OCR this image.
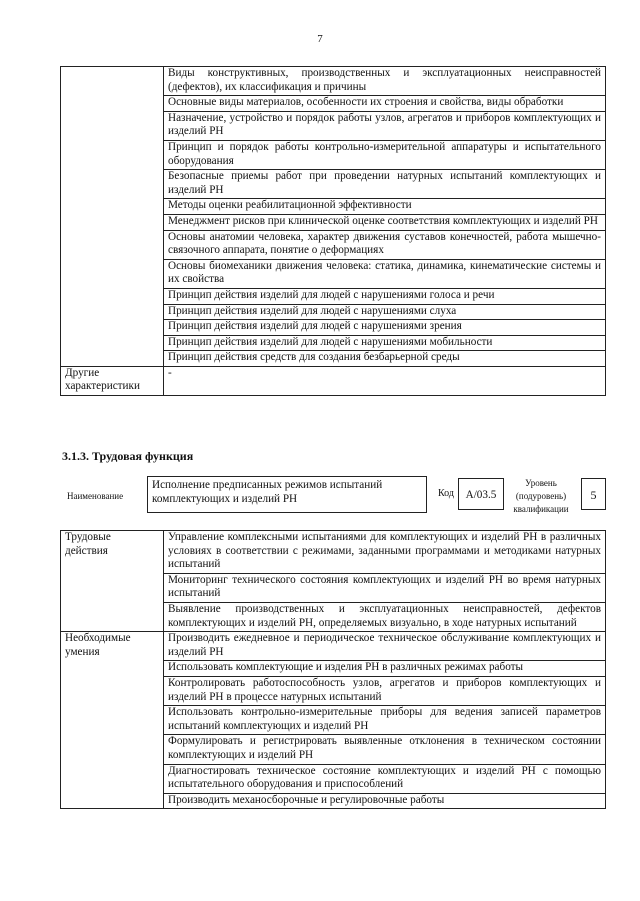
7
	Виды конструктивных, производственных и эксплуатационных неисправностей (дефектов), их классификация и причины
	Основные виды материалов, особенности их строения и свойства, виды обработки
	Назначение, устройство и порядок работы узлов, агрегатов и приборов комплектующих и изделий РН
	Принцип и порядок работы контрольно-измерительной аппаратуры и испытательного оборудования
	Безопасные приемы работ при проведении натурных испытаний комплектующих и изделий РН
	Методы оценки реабилитационной эффективности
	Менеджмент рисков при клинической оценке соответствия комплектующих и изделий РН
	Основы анатомии человека, характер движения суставов конечностей, работа мышечно-связочного аппарата, понятие о деформациях
	Основы биомеханики движения человека: статика, динамика, кинематические системы и их свойства
	Принцип действия изделий для людей с нарушениями голоса и речи
	Принцип действия изделий для людей с нарушениями слуха
	Принцип действия изделий для людей с нарушениями зрения
	Принцип действия изделий для людей с нарушениями мобильности
	Принцип действия средств для создания безбарьерной среды

Другие
характеристики	-
3.1.3. Трудовая функция
Наименование
Исполнение предписанных режимов испытаний комплектующих и изделий РН	Код	А/03.5
Уровень
(подуровень)
квалификации
5
Трудовые
действия	Управление комплексными испытаниями для комплектующих и изделий РН в различных условиях в соответствии с режимами, заданными программами и методиками натурных испытаний
	Мониторинг технического состояния комплектующих и изделий РН во время натурных испытаний
	Выявление производственных и эксплуатационных неисправностей, дефектов комплектующих и изделий РН, определяемых визуально, в ходе натурных испытаний

Необходимые
умения	Производить ежедневное и периодическое техническое обслуживание комплектующих и изделий РН
	Использовать комплектующие и изделия РН в различных режимах работы
	Контролировать работоспособность узлов, агрегатов и приборов комплектующих и изделий РН в процессе натурных испытаний
	Использовать контрольно-измерительные приборы для ведения записей параметров испытаний комплектующих и изделий РН
	Формулировать и регистрировать выявленные отклонения в техническом состоянии комплектующих и изделий РН
	Диагностировать техническое состояние комплектующих и изделий РН с помощью испытательного оборудования и приспособлений
	Производить механосборочные и регулировочные работы
